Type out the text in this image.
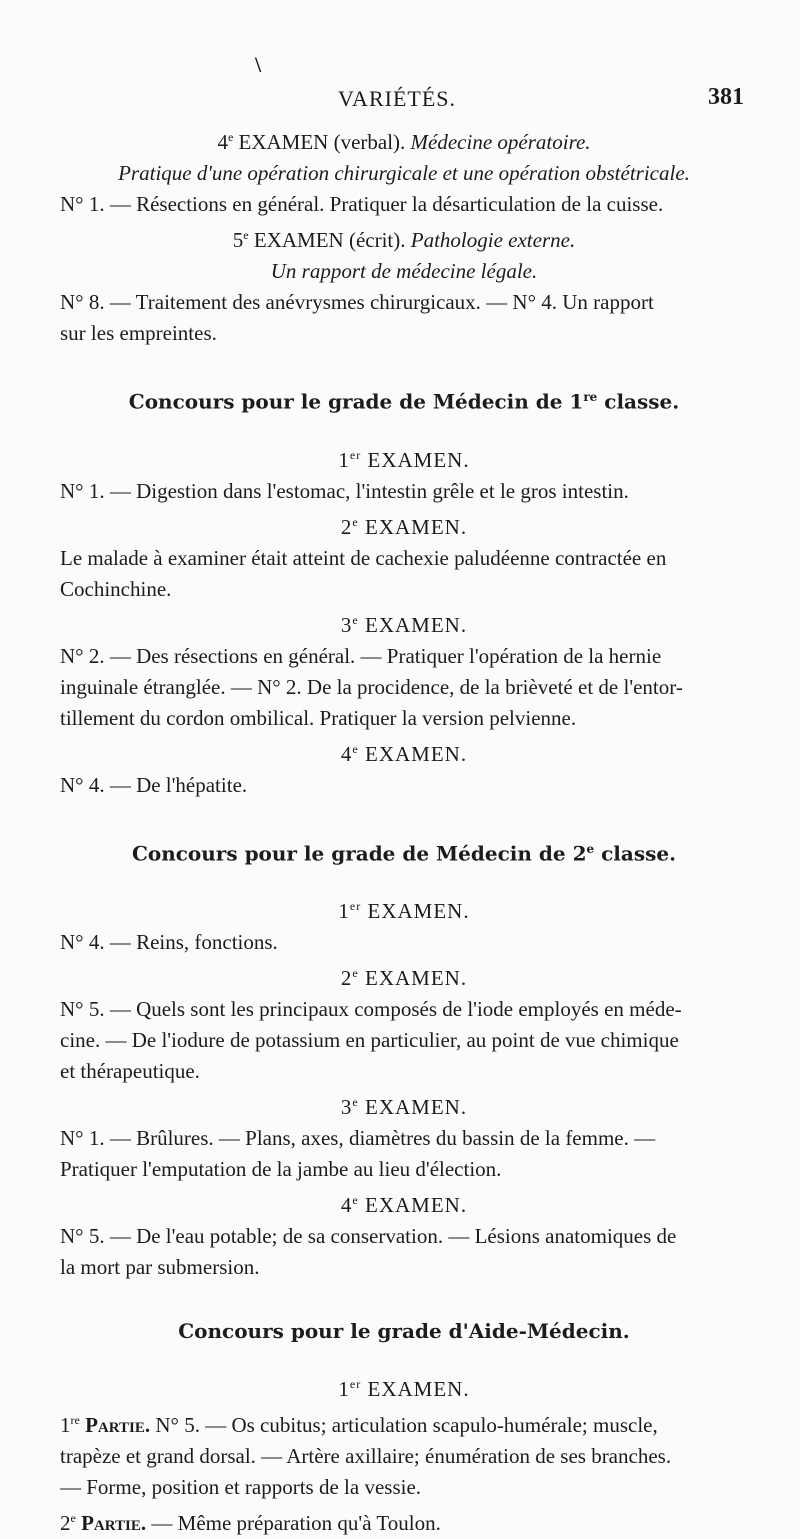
\
VARIÉTÉS.	381
4e EXAMEN (verbal). Médecine opératoire.
Pratique d'une opération chirurgicale et une opération obstétricale.
N° 1. — Résections en général. Pratiquer la désarticulation de la cuisse.
5e EXAMEN (écrit). Pathologie externe.
Un rapport de médecine légale.
N° 8. — Traitement des anévrysmes chirurgicaux. — N° 4. Un rapport
sur les empreintes.
Concours pour le grade de Médecin de 1re classe.
1er EXAMEN.
N° 1. — Digestion dans l'estomac, l'intestin grêle et le gros intestin.
2e EXAMEN.
Le malade à examiner était atteint de cachexie paludéenne contractée en
Cochinchine.
3e EXAMEN.
N° 2. — Des résections en général. — Pratiquer l'opération de la hernie
inguinale étranglée. — N° 2. De la procidence, de la brièveté et de l'entor-
tillement du cordon ombilical. Pratiquer la version pelvienne.
4e EXAMEN.
N° 4. — De l'hépatite.
Concours pour le grade de Médecin de 2e classe.
1er EXAMEN.
N° 4. — Reins, fonctions.
2e EXAMEN.
N° 5. — Quels sont les principaux composés de l'iode employés en méde-
cine. — De l'iodure de potassium en particulier, au point de vue chimique
et thérapeutique.
3e EXAMEN.
N° 1. — Brûlures. — Plans, axes, diamètres du bassin de la femme. —
Pratiquer l'emputation de la jambe au lieu d'élection.
4e EXAMEN.
N° 5. — De l'eau potable; de sa conservation. — Lésions anatomiques de
la mort par submersion.
Concours pour le grade d'Aide-Médecin.
1er EXAMEN.
1re Partie. N° 5. — Os cubitus; articulation scapulo-humérale; muscle,
trapèze et grand dorsal. — Artère axillaire; énumération de ses branches.
— Forme, position et rapports de la vessie.
2e Partie. — Même préparation qu'à Toulon.
